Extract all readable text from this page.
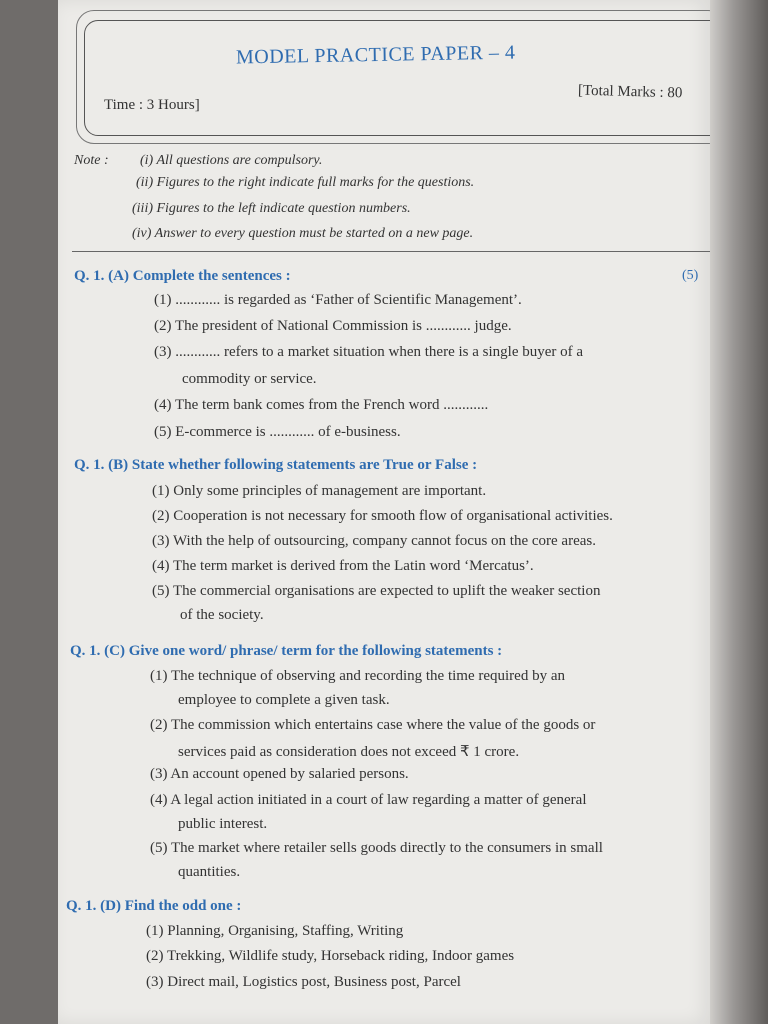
MODEL PRACTICE PAPER – 4
Time : 3 Hours]
[Total Marks : 80
Note : (i) All questions are compulsory.
(ii) Figures to the right indicate full marks for the questions.
(iii) Figures to the left indicate question numbers.
(iv) Answer to every question must be started on a new page.
Q. 1. (A) Complete the sentences :	(5)
(1) ............ is regarded as ‘Father of Scientific Management’.
(2) The president of National Commission is ............ judge.
(3) ............ refers to a market situation when there is a single buyer of a
commodity or service.
(4) The term bank comes from the French word ............
(5) E-commerce is ............ of e-business.
Q. 1. (B) State whether following statements are True or False :
(1) Only some principles of management are important.
(2) Cooperation is not necessary for smooth flow of organisational activities.
(3) With the help of outsourcing, company cannot focus on the core areas.
(4) The term market is derived from the Latin word ‘Mercatus’.
(5) The commercial organisations are expected to uplift the weaker section
of the society.
Q. 1. (C) Give one word/ phrase/ term for the following statements :
(1) The technique of observing and recording the time required by an
employee to complete a given task.
(2) The commission which entertains case where the value of the goods or
services paid as consideration does not exceed ₹ 1 crore.
(3) An account opened by salaried persons.
(4) A legal action initiated in a court of law regarding a matter of general
public interest.
(5) The market where retailer sells goods directly to the consumers in small
quantities.
Q. 1. (D) Find the odd one :
(1) Planning, Organising, Staffing, Writing
(2) Trekking, Wildlife study, Horseback riding, Indoor games
(3) Direct mail, Logistics post, Business post, Parcel
